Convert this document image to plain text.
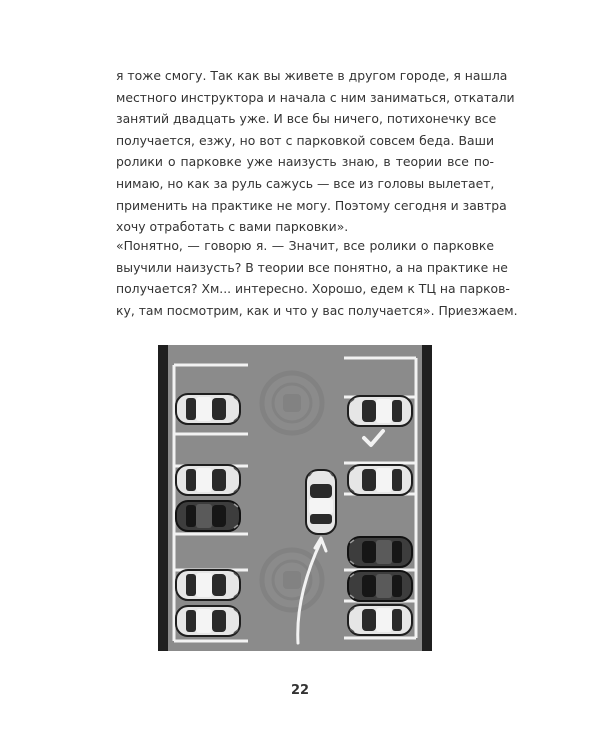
я тоже смогу. Так как вы живете в другом городе, я нашла
местного инструктора и начала с ним заниматься, откатали
занятий двадцать уже. И все бы ничего, потихонечку все
получается, езжу, но вот с парковкой совсем беда. Ваши
ролики о парковке уже наизусть знаю, в теории все по-
нимаю, но как за руль сажусь — все из головы вылетает,
применить на практике не могу. Поэтому сегодня и завтра
хочу отработать с вами парковки».
«Понятно, — говорю я. — Значит, все ролики о парковке
выучили наизусть? В теории все понятно, а на практике не
получается? Хм... интересно. Хорошо, едем к ТЦ на парков-
ку, там посмотрим, как и что у вас получается». Приезжаем.
22
